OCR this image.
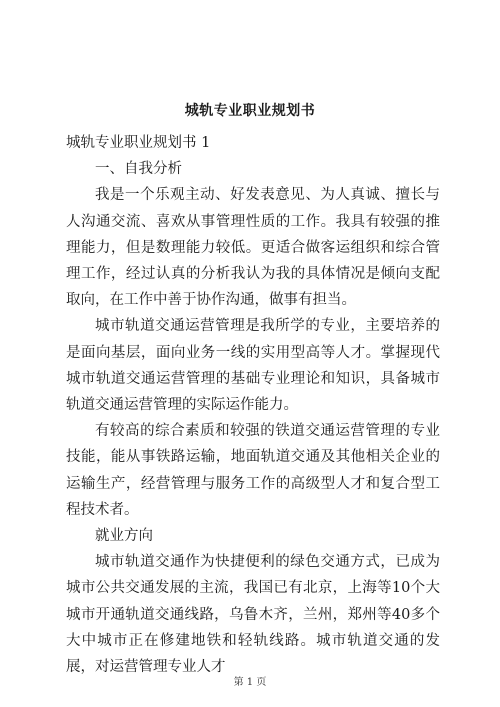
城轨专业职业规划书

城轨专业职业规划书 1

一、自我分析

我是一个乐观主动、好发表意见、为人真诚、擅长与人沟通交流、喜欢从事管理性质的工作。我具有较强的推理能力，但是数理能力较低。更适合做客运组织和综合管理工作，经过认真的分析我认为我的具体情况是倾向支配取向，在工作中善于协作沟通，做事有担当。

城市轨道交通运营管理是我所学的专业，主要培养的是面向基层，面向业务一线的实用型高等人才。掌握现代城市轨道交通运营管理的基础专业理论和知识，具备城市轨道交通运营管理的实际运作能力。

有较高的综合素质和较强的铁道交通运营管理的专业技能，能从事铁路运输，地面轨道交通及其他相关企业的运输生产，经营管理与服务工作的高级型人才和复合型工程技术者。

就业方向

城市轨道交通作为快捷便利的绿色交通方式，已成为城市公共交通发展的主流，我国已有北京，上海等10个大城市开通轨道交通线路，乌鲁木齐，兰州，郑州等40多个大中城市正在修建地铁和轻轨线路。城市轨道交通的发展，对运营管理专业人才

第 1 页
